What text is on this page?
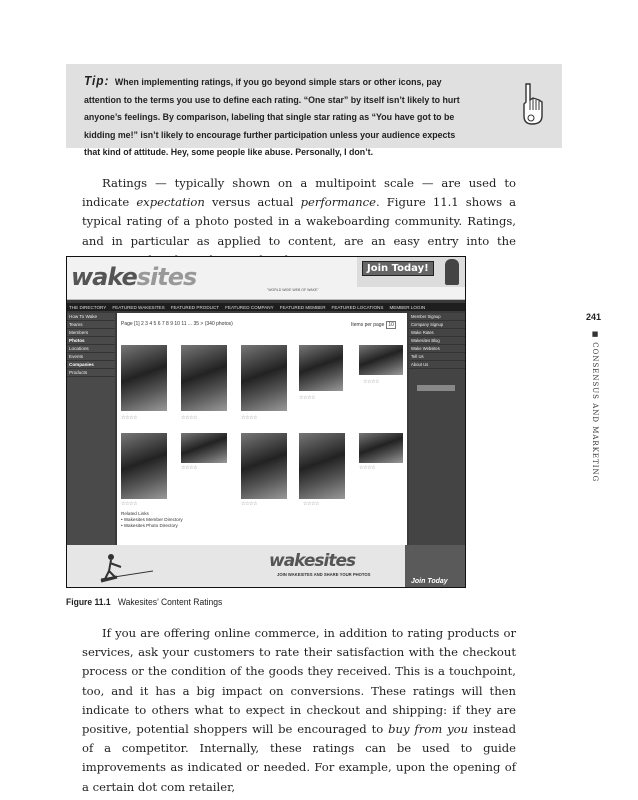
Tip: When implementing ratings, if you go beyond simple stars or other icons, pay attention to the terms you use to define each rating. “One star” by itself isn’t likely to hurt anyone’s feelings. By comparison, labeling that single star rating as “You have got to be kidding me!” isn’t likely to encourage further participation unless your audience expects that kind of attitude. Hey, some people like abuse. Personally, I don’t.
Ratings — typically shown on a multipoint scale — are used to indicate expectation versus actual performance. Figure 11.1 shows a typical rating of a photo posted in a wakeboarding community. Ratings, and in particular as applied to content, are an easy entry into the
wakesites	"WORLD WIDE WEB OF WAKE"
Join Today!
THE DIRECTORY FEATURED WAKESITES FEATURED PRODUCT FEATURED COMPANY FEATURED MEMBER FEATURED LOCATIONS MEMBER LOGIN
How To Wake
Teams
Members
Photos
Locations
Events
Companies
Products
Page [1] 2 3 4 5 6 7 8 9 10 11 ... 35 > (340 photos)	Items per page 10
☆☆☆☆	☆☆☆☆	☆☆☆☆
☆☆☆☆
☆☆☆☆
☆☆☆☆
☆☆☆☆
☆☆☆☆	☆☆☆☆
☆☆☆☆
Related Links
• Wakesites Member Directory
• Wakesites Photo Directory
Member Signup
Company Signup
Wake Rates
Wakesites Blog
Wake Websites
Tell Us
About Us
wakesites
JOIN WAKESITES AND SHARE YOUR PHOTOS
Join Today
Figure 11.1 Wakesites’ Content Ratings
If you are offering online commerce, in addition to rating products or services, ask your customers to rate their satisfaction with the checkout process or the condition of the goods they received. This is a touchpoint, too, and it has a big impact on conversions. These ratings will then indicate to others what to expect in checkout and shipping: if they are positive, potential shoppers will be encouraged to buy from you instead of a competitor. Internally, these ratings can be used to guide improvements as indicated or needed. For example, upon the opening of a certain dot com retailer,
241
■ CONSENSUS AND MARKETING
